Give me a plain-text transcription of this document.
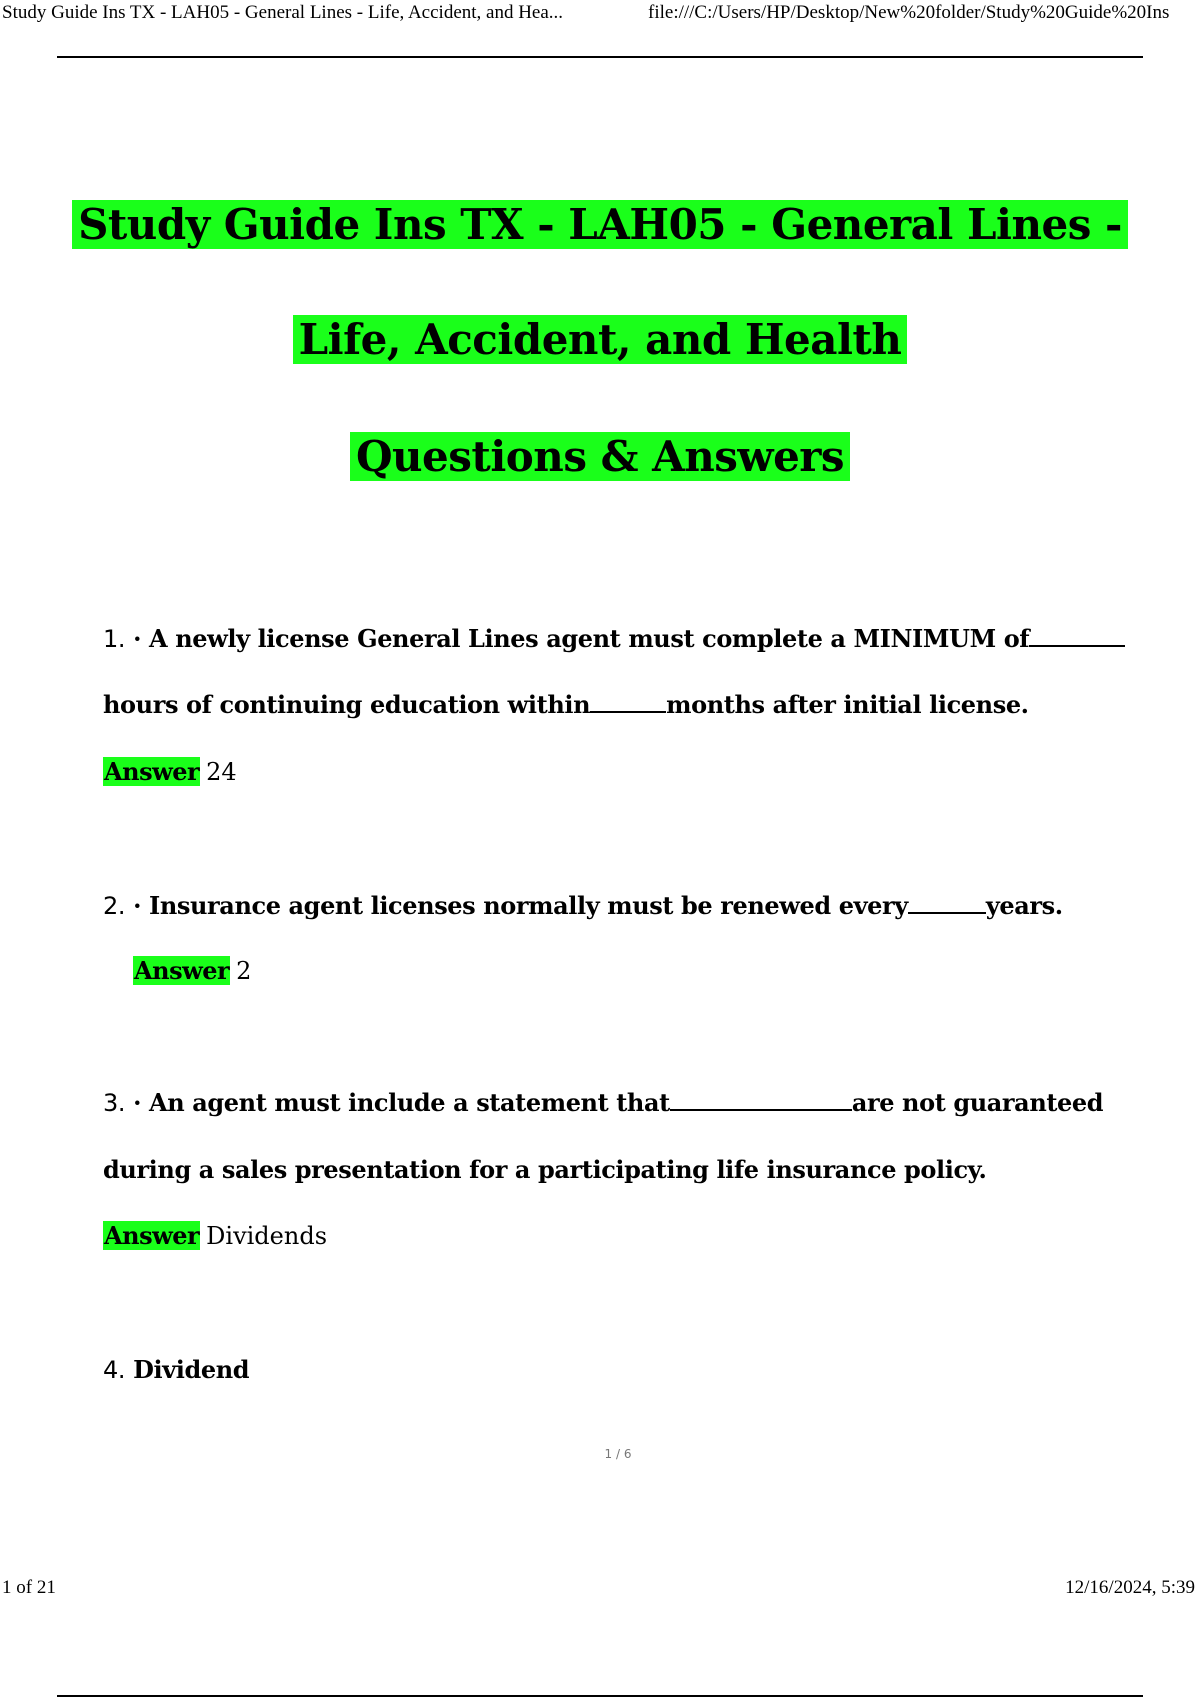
Study Guide Ins TX - LAH05 - General Lines - Life, Accident, and Hea...	file:///C:/Users/HP/Desktop/New%20folder/Study%20Guide%20Ins
Study Guide Ins TX - LAH05 - General Lines -
Life, Accident, and Health
Questions & Answers
1. · A newly license General Lines agent must complete a MINIMUM of
hours of continuing education within	months after initial license.
Answer 24
2. · Insurance agent licenses normally must be renewed every	years.
Answer 2
3. · An agent must include a statement that	are not guaranteed
during a sales presentation for a participating life insurance policy.
Answer Dividends
4. Dividend
1 / 6
1 of 21	12/16/2024, 5:39
